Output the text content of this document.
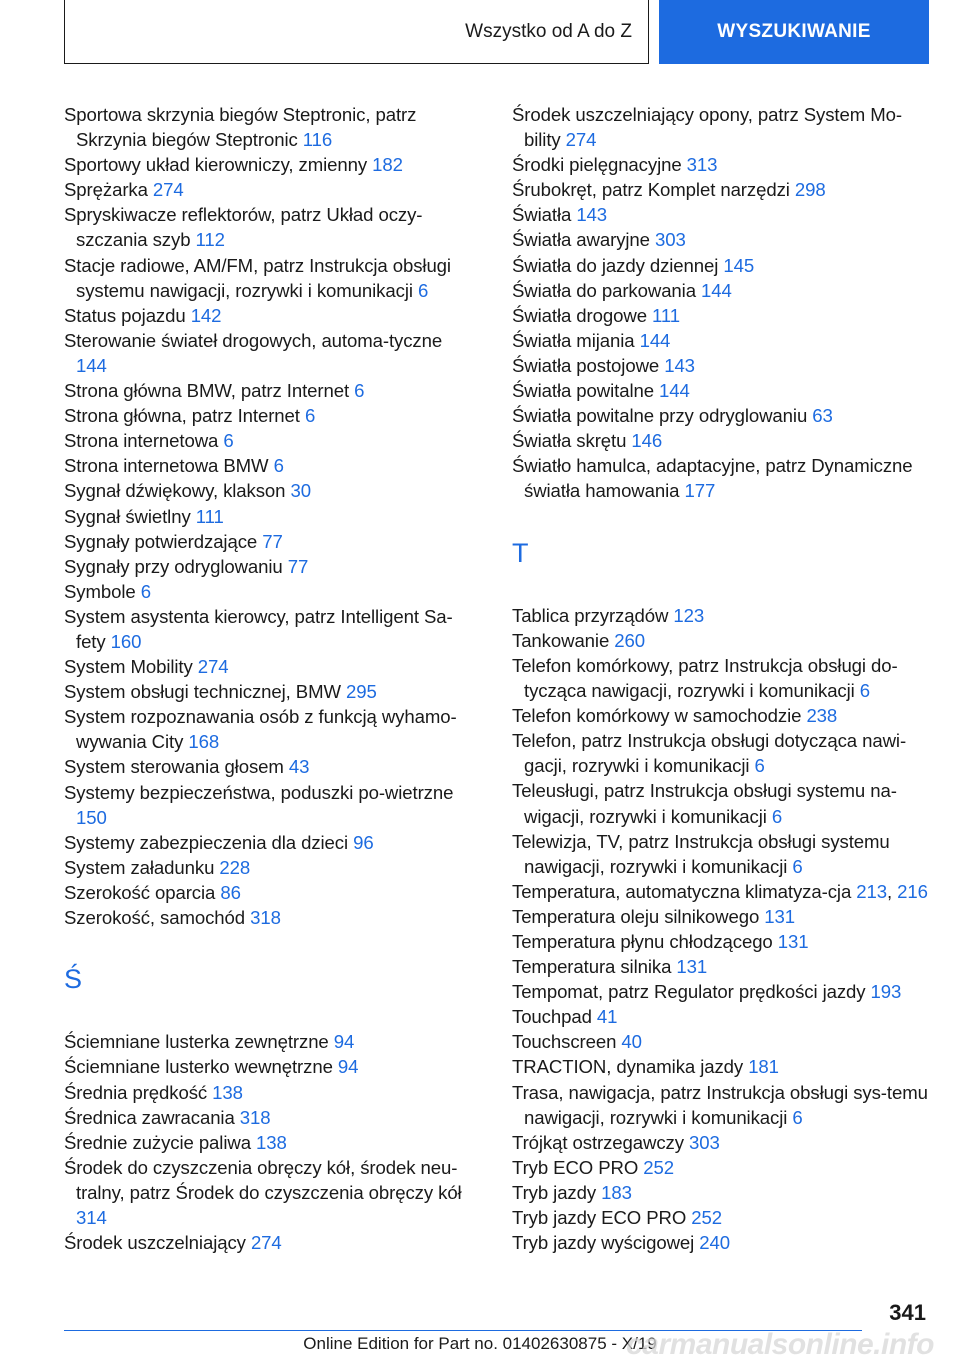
Wszystko od A do Z	WYSZUKIWANIE
Sportowa skrzynia biegów Steptronic, patrz Skrzynia biegów Steptronic 116
Sportowy układ kierowniczy, zmienny 182
Sprężarka 274
Spryskiwacze reflektorów, patrz Układ oczy-szczania szyb 112
Stacje radiowe, AM/FM, patrz Instrukcja obsługi systemu nawigacji, rozrywki i komunikacji 6
Status pojazdu 142
Sterowanie świateł drogowych, automa-tyczne 144
Strona główna BMW, patrz Internet 6
Strona główna, patrz Internet 6
Strona internetowa 6
Strona internetowa BMW 6
Sygnał dźwiękowy, klakson 30
Sygnał świetlny 111
Sygnały potwierdzające 77
Sygnały przy odryglowaniu 77
Symbole 6
System asystenta kierowcy, patrz Intelligent Sa-fety 160
System Mobility 274
System obsługi technicznej, BMW 295
System rozpoznawania osób z funkcją wyhamo-wywania City 168
System sterowania głosem 43
Systemy bezpieczeństwa, poduszki po-wietrzne 150
Systemy zabezpieczenia dla dzieci 96
System załadunku 228
Szerokość oparcia 86
Szerokość, samochód 318
Ś
Ściemniane lusterka zewnętrzne 94
Ściemniane lusterko wewnętrzne 94
Średnia prędkość 138
Średnica zawracania 318
Średnie zużycie paliwa 138
Środek do czyszczenia obręczy kół, środek neu-tralny, patrz Środek do czyszczenia obręczy kół 314
Środek uszczelniający 274
Środek uszczelniający opony, patrz System Mo-bility 274
Środki pielęgnacyjne 313
Śrubokręt, patrz Komplet narzędzi 298
Światła 143
Światła awaryjne 303
Światła do jazdy dziennej 145
Światła do parkowania 144
Światła drogowe 111
Światła mijania 144
Światła postojowe 143
Światła powitalne 144
Światła powitalne przy odryglowaniu 63
Światła skrętu 146
Światło hamulca, adaptacyjne, patrz Dynamiczne światła hamowania 177
T
Tablica przyrządów 123
Tankowanie 260
Telefon komórkowy, patrz Instrukcja obsługi do-tycząca nawigacji, rozrywki i komunikacji 6
Telefon komórkowy w samochodzie 238
Telefon, patrz Instrukcja obsługi dotycząca nawi-gacji, rozrywki i komunikacji 6
Teleusługi, patrz Instrukcja obsługi systemu na-wigacji, rozrywki i komunikacji 6
Telewizja, TV, patrz Instrukcja obsługi systemu nawigacji, rozrywki i komunikacji 6
Temperatura, automatyczna klimatyza-cja 213, 216
Temperatura oleju silnikowego 131
Temperatura płynu chłodzącego 131
Temperatura silnika 131
Tempomat, patrz Regulator prędkości jazdy 193
Touchpad 41
Touchscreen 40
TRACTION, dynamika jazdy 181
Trasa, nawigacja, patrz Instrukcja obsługi sys-temu nawigacji, rozrywki i komunikacji 6
Trójkąt ostrzegawczy 303
Tryb ECO PRO 252
Tryb jazdy 183
Tryb jazdy ECO PRO 252
Tryb jazdy wyścigowej 240
341
Online Edition for Part no. 01402630875 - X/19
carmanualsonline.info
